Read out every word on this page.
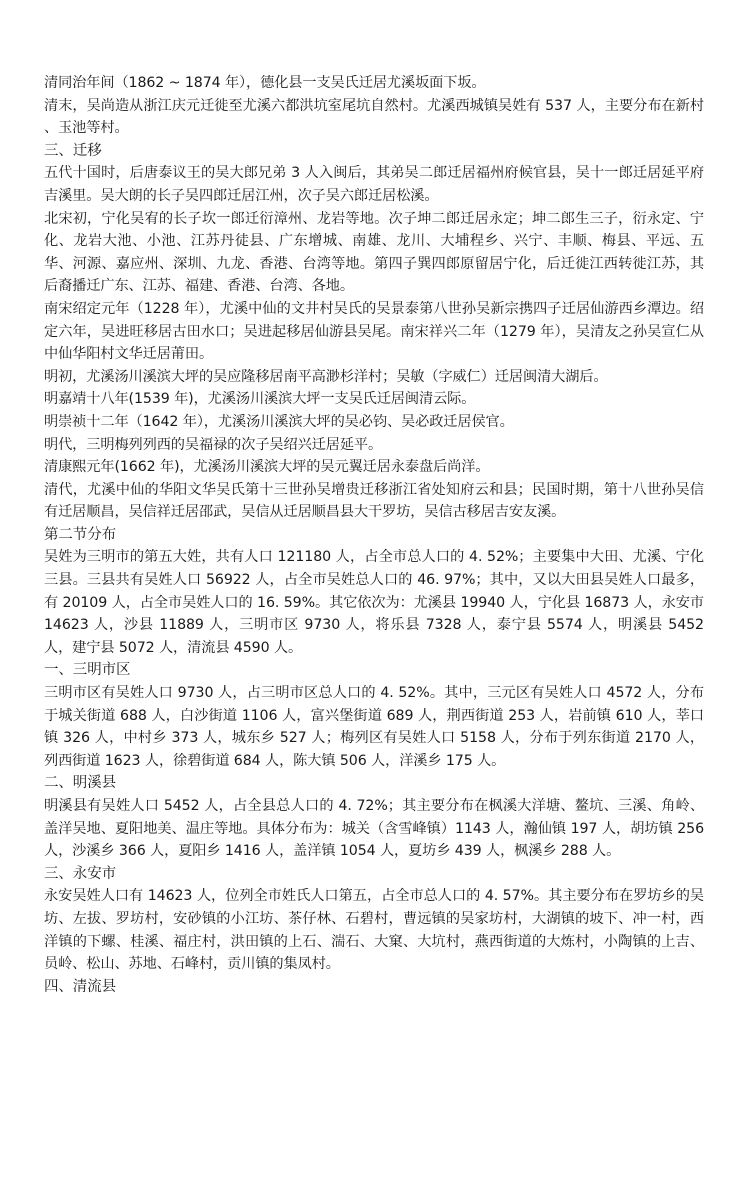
清同治年间（1862 ~ 1874 年），德化县一支吴氏迁居尤溪坂面下坂。

清末，吴尚造从浙江庆元迁徙至尤溪六都洪坑室尾坑自然村。尤溪西城镇吴姓有 537 人，主要分布在新村 、玉池等村。

三、迁移

五代十国时，后唐泰议王的吴大郎兄弟 3 人入闽后，其弟吴二郎迁居福州府候官县，吴十一郎迁居延平府吉溪里。吴大朗的长子吴四郎迁居江州，次子吴六郎迁居松溪。

北宋初，宁化吴宥的长子坎一郎迁衍漳州、龙岩等地。次子坤二郎迁居永定；坤二郎生三子，衍永定、宁化、龙岩大池、小池、江苏丹徒县、广东增城、南雄、龙川、大埔程乡、兴宁、丰顺、梅县、平远、五华、河源、嘉应州、深圳、九龙、香港、台湾等地。第四子巽四郎原留居宁化，后迁徙江西转徙江苏，其后裔播迁广东、江苏、福建、香港、台湾、各地。

南宋绍定元年（1228 年），尤溪中仙的文井村吴氏的吴景泰第八世孙吴新宗携四子迁居仙游西乡潭边。绍定六年，吴进旺移居古田水口；吴进起移居仙游县吴尾。南宋祥兴二年（1279 年），吴清友之孙吴宣仁从中仙华阳村文华迁居莆田。

明初，尤溪汤川溪滨大坪的吴应隆移居南平高渺杉洋村；吴敏（字威仁）迁居闽清大湖后。

明嘉靖十八年(1539 年)，尤溪汤川溪滨大坪一支吴氏迁居闽清云际。

明崇祯十二年（1642 年），尤溪汤川溪滨大坪的吴必钧、吴必政迁居侯官。

明代，三明梅列列西的吴福禄的次子吴绍兴迁居延平。

清康熙元年(1662 年)，尤溪汤川溪滨大坪的吴元翼迁居永泰盘后尚洋。

清代，尤溪中仙的华阳文华吴氏第十三世孙吴增贵迁移浙江省处知府云和县；民国时期，第十八世孙吴信有迁居顺昌，吴信祥迁居邵武，吴信从迁居顺昌县大干罗坊，吴信古移居吉安友溪。

第二节分布

吴姓为三明市的第五大姓，共有人口 121180 人，占全市总人口的 4. 52%；主要集中大田、尤溪、宁化三县。三县共有吴姓人口 56922 人，占全市吴姓总人口的 46. 97%；其中，又以大田县吴姓人口最多，有 20109 人，占全市吴姓人口的 16. 59%。其它依次为：尤溪县 19940 人，宁化县 16873 人，永安市 14623 人，沙县 11889 人，三明市区 9730 人，将乐县 7328 人，泰宁县 5574 人，明溪县 5452 人，建宁县 5072 人，清流县 4590 人。

一、三明市区

三明市区有吴姓人口 9730 人，占三明市区总人口的 4. 52%。其中，三元区有吴姓人口 4572 人，分布于城关街道 688 人，白沙街道 1106 人，富兴堡街道 689 人，荆西街道 253 人，岩前镇 610 人，莘口镇 326 人，中村乡 373 人，城东乡 527 人；梅列区有吴姓人口 5158 人，分布于列东街道 2170 人，列西街道 1623 人，徐碧街道 684 人，陈大镇 506 人，洋溪乡 175 人。

二、明溪县

明溪县有吴姓人口 5452 人，占全县总人口的 4. 72%；其主要分布在枫溪大洋塘、鳌坑、三溪、角岭、盖洋吴地、夏阳地美、温庄等地。具体分布为：城关（含雪峰镇）1143 人，瀚仙镇 197 人，胡坊镇 256 人，沙溪乡 366 人，夏阳乡 1416 人，盖洋镇 1054 人，夏坊乡 439 人，枫溪乡 288 人。

三、永安市

永安吴姓人口有 14623 人，位列全市姓氏人口第五，占全市总人口的 4. 57%。其主要分布在罗坊乡的吴坊、左拔、罗坊村，安砂镇的小江坊、茶仔林、石碧村，曹远镇的吴家坊村，大湖镇的坡下、冲一村，西洋镇的下螺、桂溪、福庄村，洪田镇的上石、湍石、大窠、大坑村，燕西街道的大炼村，小陶镇的上吉、员岭、松山、苏地、石峰村，贡川镇的集凤村。

四、清流县
